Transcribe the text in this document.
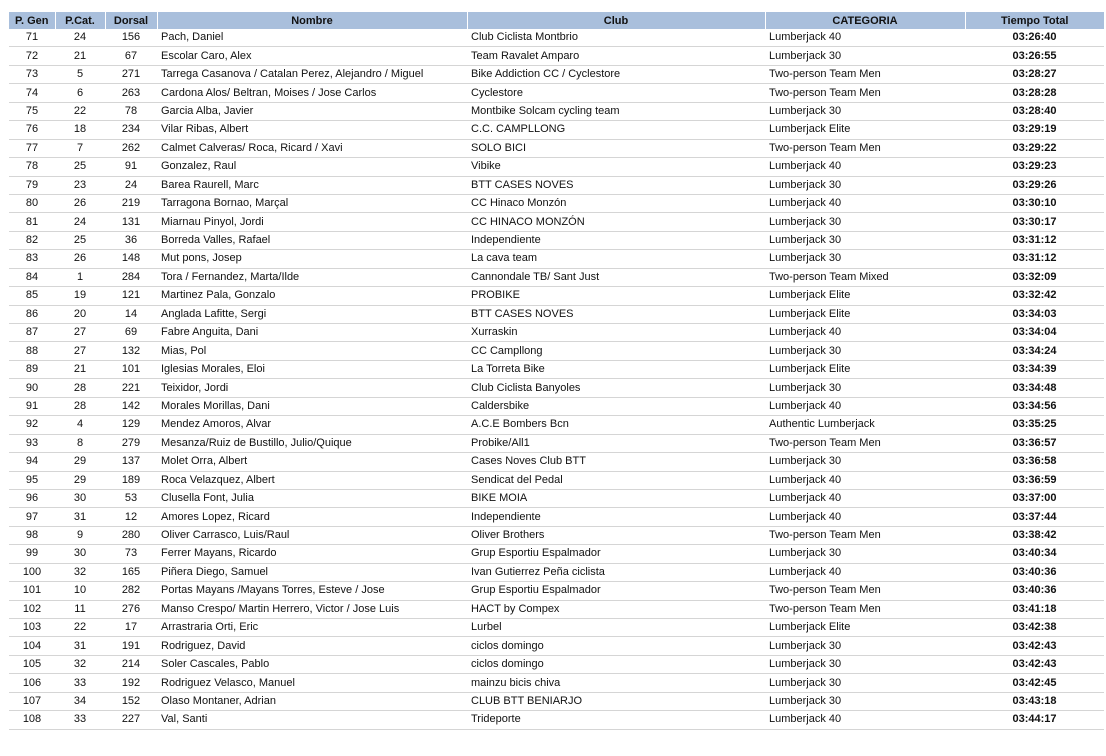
P. Gen	P.Cat.	Dorsal	Nombre	Club	CATEGORIA	Tiempo Total
71	24	156	Pach, Daniel	Club Ciclista Montbrio	Lumberjack 40	03:26:40
72	21	67	Escolar Caro, Alex	Team Ravalet Amparo	Lumberjack 30	03:26:55
73	5	271	Tarrega Casanova / Catalan Perez, Alejandro / Miguel	Bike Addiction CC / Cyclestore	Two-person Team Men	03:28:27
74	6	263	Cardona Alos/ Beltran, Moises / Jose Carlos	Cyclestore	Two-person Team Men	03:28:28
75	22	78	Garcia Alba, Javier	Montbike Solcam cycling team	Lumberjack 30	03:28:40
76	18	234	Vilar Ribas, Albert	C.C. CAMPLLONG	Lumberjack Elite	03:29:19
77	7	262	Calmet Calveras/ Roca, Ricard / Xavi	SOLO BICI	Two-person Team Men	03:29:22
78	25	91	Gonzalez, Raul	Vibike	Lumberjack 40	03:29:23
79	23	24	Barea Raurell, Marc	BTT CASES NOVES	Lumberjack 30	03:29:26
80	26	219	Tarragona Bornao, Marçal	CC Hinaco Monzón	Lumberjack 40	03:30:10
81	24	131	Miarnau Pinyol, Jordi	CC HINACO MONZÓN	Lumberjack 30	03:30:17
82	25	36	Borreda Valles, Rafael	Independiente	Lumberjack 30	03:31:12
83	26	148	Mut pons, Josep	La cava team	Lumberjack 30	03:31:12
84	1	284	Tora / Fernandez, Marta/Ilde	Cannondale TB/ Sant Just	Two-person Team Mixed	03:32:09
85	19	121	Martinez Pala, Gonzalo	PROBIKE	Lumberjack Elite	03:32:42
86	20	14	Anglada Lafitte, Sergi	BTT CASES NOVES	Lumberjack Elite	03:34:03
87	27	69	Fabre Anguita, Dani	Xurraskin	Lumberjack 40	03:34:04
88	27	132	Mias, Pol	CC Campllong	Lumberjack 30	03:34:24
89	21	101	Iglesias Morales, Eloi	La Torreta Bike	Lumberjack Elite	03:34:39
90	28	221	Teixidor, Jordi	Club Ciclista Banyoles	Lumberjack 30	03:34:48
91	28	142	Morales Morillas, Dani	Caldersbike	Lumberjack 40	03:34:56
92	4	129	Mendez Amoros, Alvar	A.C.E Bombers Bcn	Authentic Lumberjack	03:35:25
93	8	279	Mesanza/Ruiz de Bustillo, Julio/Quique	Probike/All1	Two-person Team Men	03:36:57
94	29	137	Molet Orra, Albert	Cases Noves Club BTT	Lumberjack 30	03:36:58
95	29	189	Roca Velazquez, Albert	Sendicat del Pedal	Lumberjack 40	03:36:59
96	30	53	Clusella Font, Julia	BIKE MOIA	Lumberjack 40	03:37:00
97	31	12	Amores Lopez, Ricard	Independiente	Lumberjack 40	03:37:44
98	9	280	Oliver Carrasco, Luis/Raul	Oliver Brothers	Two-person Team Men	03:38:42
99	30	73	Ferrer Mayans, Ricardo	Grup Esportiu Espalmador	Lumberjack 30	03:40:34
100	32	165	Piñera Diego, Samuel	Ivan Gutierrez Peña ciclista	Lumberjack 40	03:40:36
101	10	282	Portas Mayans /Mayans Torres, Esteve / Jose	Grup Esportiu Espalmador	Two-person Team Men	03:40:36
102	11	276	Manso Crespo/ Martin Herrero, Victor / Jose Luis	HACT by Compex	Two-person Team Men	03:41:18
103	22	17	Arrastraria Orti, Eric	Lurbel	Lumberjack Elite	03:42:38
104	31	191	Rodriguez, David	ciclos domingo	Lumberjack 30	03:42:43
105	32	214	Soler Cascales, Pablo	ciclos domingo	Lumberjack 30	03:42:43
106	33	192	Rodriguez Velasco, Manuel	mainzu bicis chiva	Lumberjack 30	03:42:45
107	34	152	Olaso Montaner, Adrian	CLUB BTT BENIARJO	Lumberjack 30	03:43:18
108	33	227	Val, Santi	Trideporte	Lumberjack 40	03:44:17
